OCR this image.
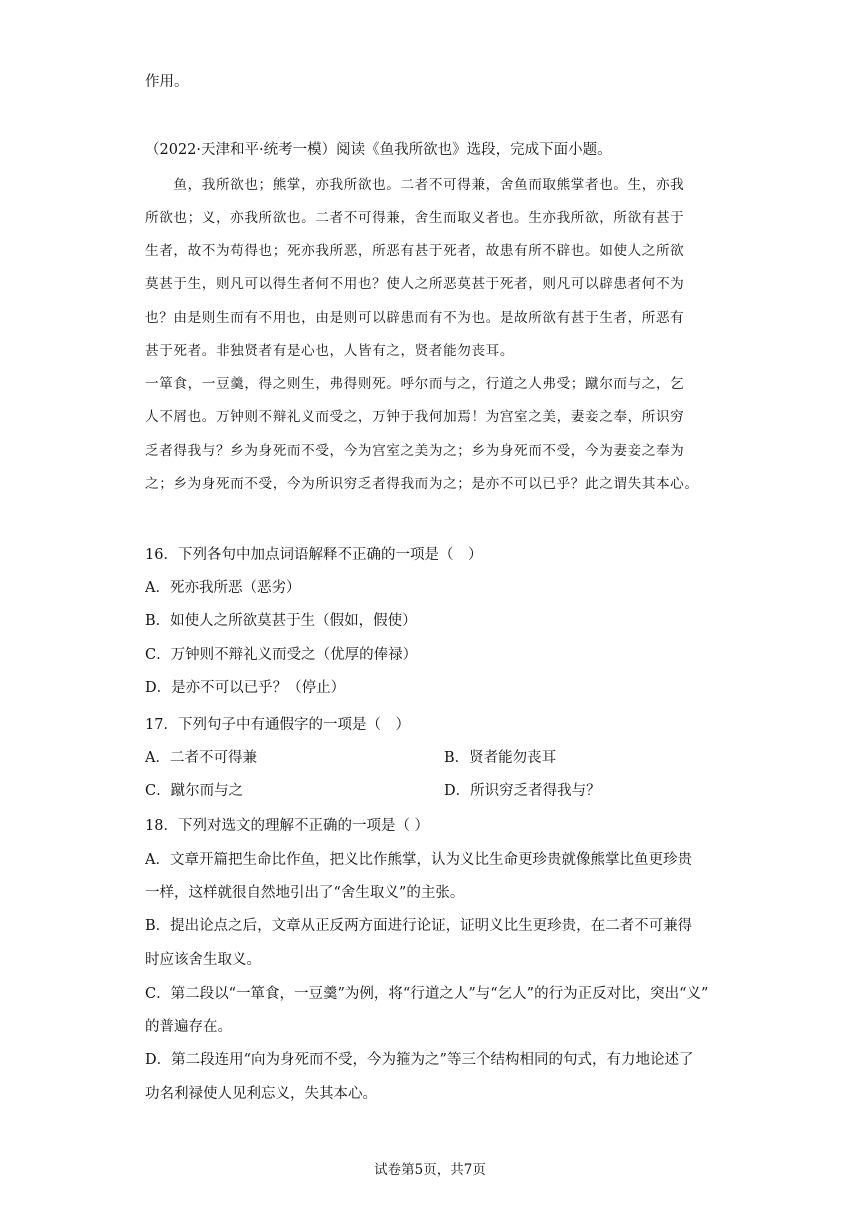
作用。
（2022·天津和平·统考一模）阅读《鱼我所欲也》选段，完成下面小题。
　　鱼，我所欲也；熊掌，亦我所欲也。二者不可得兼，舍鱼而取熊掌者也。生，亦我
所欲也；义，亦我所欲也。二者不可得兼，舍生而取义者也。生亦我所欲，所欲有甚于
生者，故不为苟得也；死亦我所恶，所恶有甚于死者，故患有所不辟也。如使人之所欲
莫甚于生，则凡可以得生者何不用也？使人之所恶莫甚于死者，则凡可以辟患者何不为
也？由是则生而有不用也，由是则可以辟患而有不为也。是故所欲有甚于生者，所恶有
甚于死者。非独贤者有是心也，人皆有之，贤者能勿丧耳。
一箪食，一豆羹，得之则生，弗得则死。呼尔而与之，行道之人弗受；蹴尔而与之，乞
人不屑也。万钟则不辩礼义而受之，万钟于我何加焉！为宫室之美，妻妾之奉，所识穷
乏者得我与？乡为身死而不受，今为宫室之美为之；乡为身死而不受，今为妻妾之奉为
之；乡为身死而不受，今为所识穷乏者得我而为之；是亦不可以已乎？此之谓失其本心。
16．下列各句中加点词语解释不正确的一项是（　）
A．死亦我所恶（恶劣）
B．如使人之所欲莫甚于生（假如，假使）
C．万钟则不辩礼义而受之（优厚的俸禄）
D．是亦不可以已乎？（停止）
17．下列句子中有通假字的一项是（　）
A．二者不可得兼	B．贤者能勿丧耳
C．蹴尔而与之	D．所识穷乏者得我与？
18．下列对选文的理解不正确的一项是（ ）
A．文章开篇把生命比作鱼，把义比作熊掌，认为义比生命更珍贵就像熊掌比鱼更珍贵
一样，这样就很自然地引出了“舍生取义”的主张。
B．提出论点之后，文章从正反两方面进行论证，证明义比生更珍贵，在二者不可兼得
时应该舍生取义。
C．第二段以“一箪食，一豆羹”为例，将“行道之人”与“乞人”的行为正反对比，突出“义”
的普遍存在。
D．第二段连用“向为身死而不受，今为箍为之”等三个结构相同的句式，有力地论述了
功名利禄使人见利忘义，失其本心。
试卷第5页，共7页
